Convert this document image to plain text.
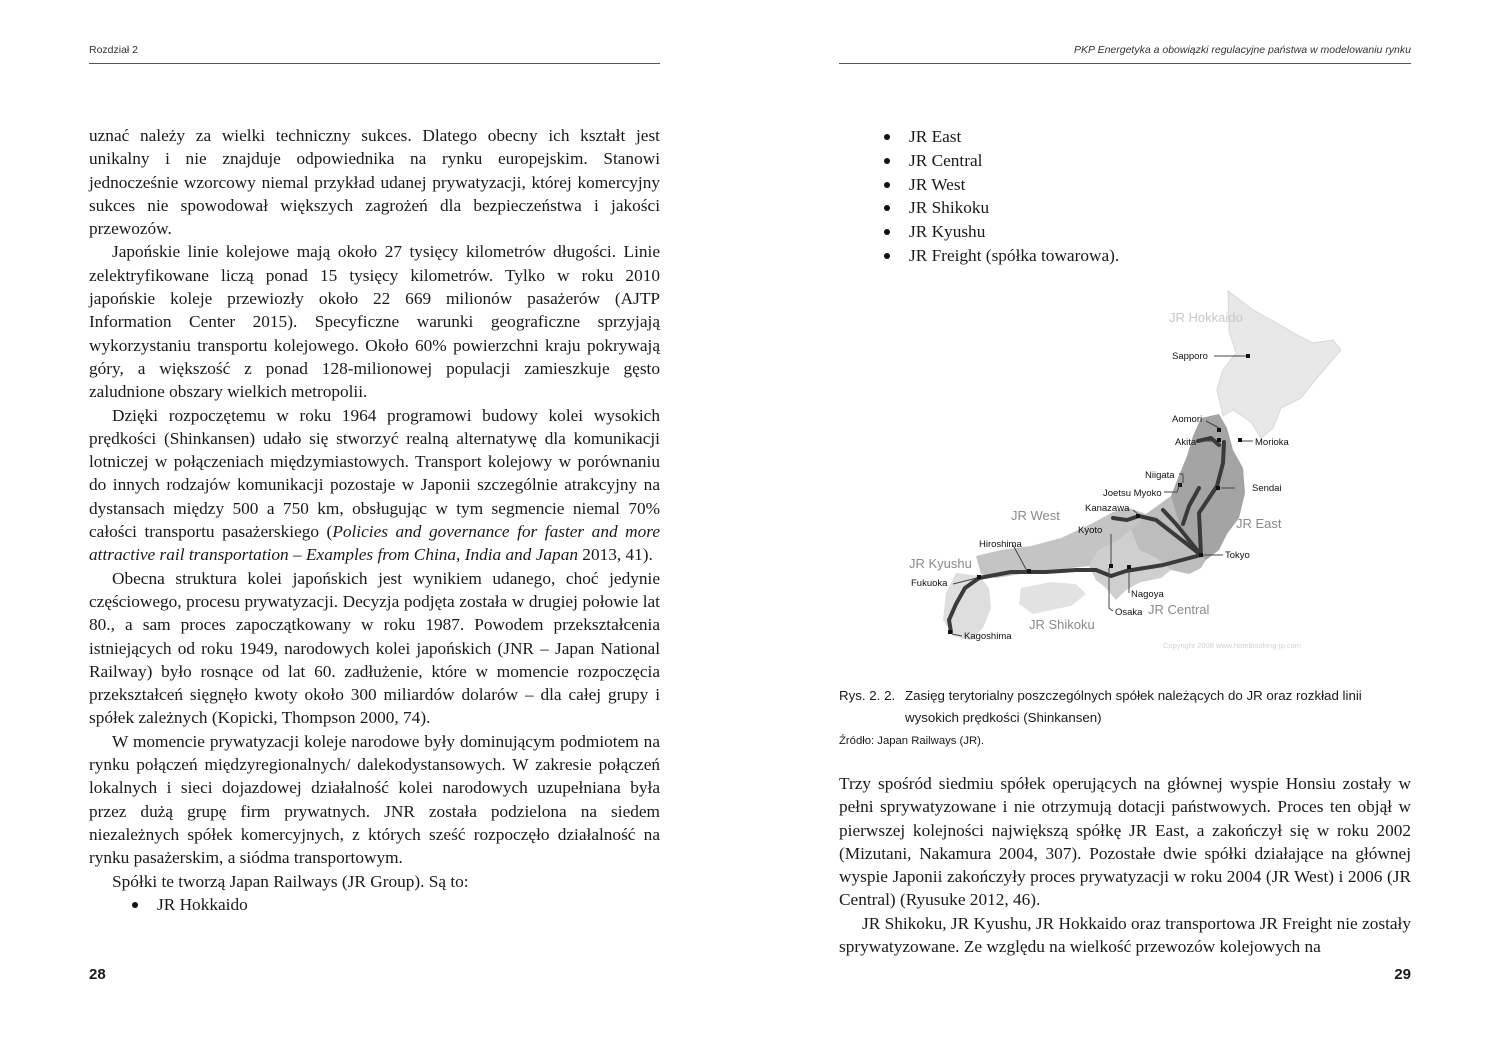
Rozdział 2

uznać należy za wielki techniczny sukces. Dlatego obecny ich kształt jest unikalny i nie znajduje odpowiednika na rynku europejskim. Stanowi jednocześnie wzorcowy niemal przykład udanej prywatyzacji, której komercyjny sukces nie spowodował większych zagrożeń dla bezpieczeństwa i jakości przewozów.

Japońskie linie kolejowe mają około 27 tysięcy kilometrów długości. Linie zelektryfikowane liczą ponad 15 tysięcy kilometrów. Tylko w roku 2010 japońskie koleje przewiozły około 22 669 milionów pasażerów (AJTP Information Center 2015). Specyficzne warunki geograficzne sprzyjają wykorzystaniu transportu kolejowego. Około 60% powierzchni kraju pokrywają góry, a większość z ponad 128-milionowej populacji zamieszkuje gęsto zaludnione obszary wielkich metropolii.

Dzięki rozpoczętemu w roku 1964 programowi budowy kolei wysokich prędkości (Shinkansen) udało się stworzyć realną alternatywę dla komunikacji lotniczej w połączeniach międzymiastowych. Transport kolejowy w porównaniu do innych rodzajów komunikacji pozostaje w Japonii szczególnie atrakcyjny na dystansach między 500 a 750 km, obsługując w tym segmencie niemal 70% całości transportu pasażerskiego (Policies and governance for faster and more attractive rail transportation – Examples from China, India and Japan 2013, 41).

Obecna struktura kolei japońskich jest wynikiem udanego, choć jedynie częściowego, procesu prywatyzacji. Decyzja podjęta została w drugiej połowie lat 80., a sam proces zapoczątkowany w roku 1987. Powodem przekształcenia istniejących od roku 1949, narodowych kolei japońskich (JNR – Japan National Railway) było rosnące od lat 60. zadłużenie, które w momencie rozpoczęcia przekształceń sięgnęło kwoty około 300 miliardów dolarów – dla całej grupy i spółek zależnych (Kopicki, Thompson 2000, 74).

W momencie prywatyzacji koleje narodowe były dominującym podmiotem na rynku połączeń międzyregionalnych/ dalekodystansowych. W zakresie połączeń lokalnych i sieci dojazdowej działalność kolei narodowych uzupełniana była przez dużą grupę firm prywatnych. JNR została podzielona na siedem niezależnych spółek komercyjnych, z których sześć rozpoczęło działalność na rynku pasażerskim, a siódma transportowym.

Spółki te tworzą Japan Railways (JR Group). Są to:

JR Hokkaido
28
PKP Energetyka a obowiązki regulacyjne państwa w modelowaniu rynku
JR East
JR Central
JR West
JR Shikoku
JR Kyushu
JR Freight (spółka towarowa).
JR Hokkaido
JR East
JR West
JR Central
JR Shikoku
JR Kyushu
Sapporo
Aomori
Akita	Morioka
Niigata
Joetsu Myoko
Kanazawa
Sendai
Kyoto
Hiroshima
Fukuoka
Tokyo
Nagoya
Osaka
Kagoshima
Copyright 2008 www.hotelbooking-jp.com
Rys. 2. 2. Zasięg terytorialny poszczególnych spółek należących do JR oraz rozkład linii
wysokich prędkości (Shinkansen)
Źródło: Japan Railways (JR).

Trzy spośród siedmiu spółek operujących na głównej wyspie Honsiu zostały w pełni sprywatyzowane i nie otrzymują dotacji państwowych. Proces ten objął w pierwszej kolejności największą spółkę JR East, a zakończył się w roku 2002 (Mizutani, Nakamura 2004, 307). Pozostałe dwie spółki działające na głównej wyspie Japonii zakończyły proces prywatyzacji w roku 2004 (JR West) i 2006 (JR Central) (Ryusuke 2012, 46).

JR Shikoku, JR Kyushu, JR Hokkaido oraz transportowa JR Freight nie zostały sprywatyzowane. Ze względu na wielkość przewozów kolejowych na

29
